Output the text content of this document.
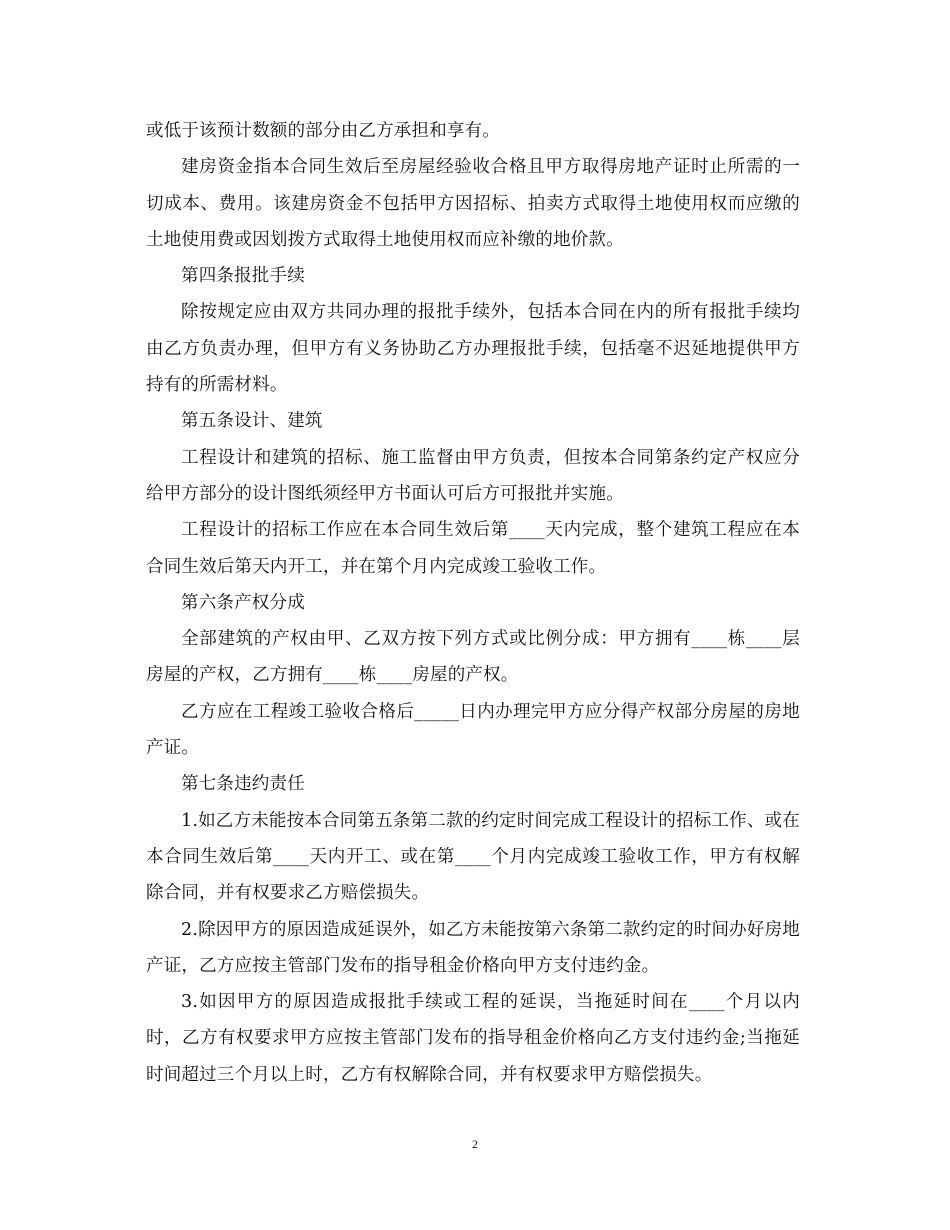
或低于该预计数额的部分由乙方承担和享有。

建房资金指本合同生效后至房屋经验收合格且甲方取得房地产证时止所需的一切成本、费用。该建房资金不包括甲方因招标、拍卖方式取得土地使用权而应缴的土地使用费或因划拨方式取得土地使用权而应补缴的地价款。

第四条报批手续

除按规定应由双方共同办理的报批手续外，包括本合同在内的所有报批手续均由乙方负责办理，但甲方有义务协助乙方办理报批手续，包括毫不迟延地提供甲方持有的所需材料。

第五条设计、建筑

工程设计和建筑的招标、施工监督由甲方负责，但按本合同第条约定产权应分给甲方部分的设计图纸须经甲方书面认可后方可报批并实施。

工程设计的招标工作应在本合同生效后第____天内完成，整个建筑工程应在本合同生效后第天内开工，并在第个月内完成竣工验收工作。

第六条产权分成

全部建筑的产权由甲、乙双方按下列方式或比例分成：甲方拥有____栋____层房屋的产权，乙方拥有____栋____房屋的产权。

乙方应在工程竣工验收合格后_____日内办理完甲方应分得产权部分房屋的房地产证。

第七条违约责任

1.如乙方未能按本合同第五条第二款的约定时间完成工程设计的招标工作、或在本合同生效后第____天内开工、或在第____个月内完成竣工验收工作，甲方有权解除合同，并有权要求乙方赔偿损失。

2.除因甲方的原因造成延误外，如乙方未能按第六条第二款约定的时间办好房地产证，乙方应按主管部门发布的指导租金价格向甲方支付违约金。

3.如因甲方的原因造成报批手续或工程的延误，当拖延时间在____个月以内时，乙方有权要求甲方应按主管部门发布的指导租金价格向乙方支付违约金;当拖延时间超过三个月以上时，乙方有权解除合同，并有权要求甲方赔偿损失。

2
